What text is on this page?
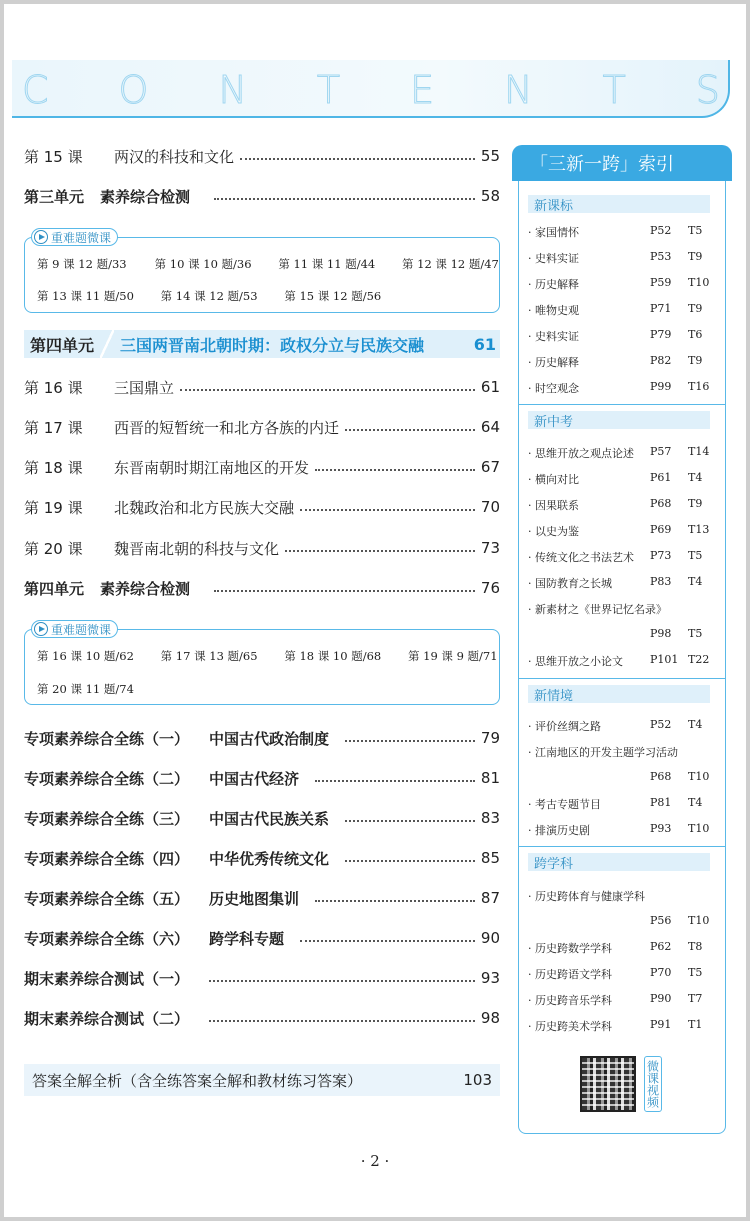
C O N T E N T S
第 15 课 两汉的科技和文化	55
第三单元 素养综合检测	58
重难题微课
第 9 课 12 题/33 第 10 课 10 题/36 第 11 课 11 题/44 第 12 课 12 题/47
第 13 课 11 题/50 第 14 课 12 题/53 第 15 课 12 题/56
第四单元	三国两晋南北朝时期：政权分立与民族交融	61
第 16 课 三国鼎立	61
第 17 课 西晋的短暂统一和北方各族的内迁	64
第 18 课 东晋南朝时期江南地区的开发	67
第 19 课 北魏政治和北方民族大交融	70
第 20 课 魏晋南北朝的科技与文化	73
第四单元 素养综合检测	76
重难题微课
第 16 课 10 题/62 第 17 课 13 题/65 第 18 课 10 题/68 第 19 课 9 题/71
第 20 课 11 题/74
专项素养综合全练（一） 中国古代政治制度	79
专项素养综合全练（二） 中国古代经济	81
专项素养综合全练（三） 中国古代民族关系	83
专项素养综合全练（四） 中华优秀传统文化	85
专项素养综合全练（五） 历史地图集训	87
专项素养综合全练（六） 跨学科专题	90
期末素养综合测试（一）	93
期末素养综合测试（二）	98
答案全解全析（含全练答案全解和教材练习答案）	103
· 2 ·
「三新一跨」索引
新课标
· 家国情怀	P52	T5
· 史料实证	P53	T9
· 历史解释	P59	T10
· 唯物史观	P71	T9
· 史料实证	P79	T6
· 历史解释	P82	T9
· 时空观念	P99	T16
新中考
· 思维开放之观点论述	P57	T14
· 横向对比	P61	T4
· 因果联系	P68	T9
· 以史为鉴	P69	T13
· 传统文化之书法艺术	P73	T5
· 国防教育之长城	P83	T4
· 新素材之《世界记忆名录》
P98	T5
· 思维开放之小论文	P101 T22
新情境
· 评价丝绸之路	P52	T4
· 江南地区的开发主题学习活动
P68	T10
· 考古专题节目	P81	T4
· 排演历史剧	P93	T10
跨学科
· 历史跨体育与健康学科
P56	T10
· 历史跨数学学科	P62	T8
· 历史跨语文学科	P70	T5
· 历史跨音乐学科	P90	T7
· 历史跨美术学科	P91	T1
微课视频
